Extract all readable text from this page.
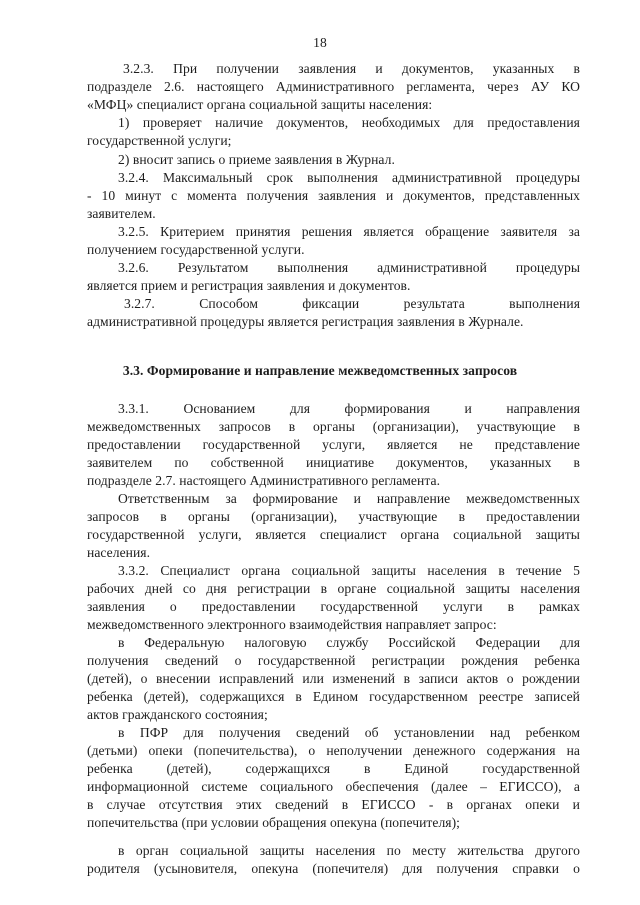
18
3.2.3. При получении заявления и документов, указанных в
подразделе 2.6. настоящего Административного регламента, через АУ КО
«МФЦ» специалист органа социальной защиты населения:
1) проверяет наличие документов, необходимых для предоставления
государственной услуги;
2) вносит запись о приеме заявления в Журнал.
3.2.4. Максимальный срок выполнения административной процедуры
- 10 минут с момента получения заявления и документов, представленных
заявителем.
3.2.5. Критерием принятия решения является обращение заявителя за
получением государственной услуги.
3.2.6. Результатом выполнения административной процедуры
является прием и регистрация заявления и документов.
3.2.7. Способом фиксации результата выполнения
административной процедуры является регистрация заявления в Журнале.
3.3. Формирование и направление межведомственных запросов
3.3.1. Основанием для формирования и направления
межведомственных запросов в органы (организации), участвующие в
предоставлении государственной услуги, является не представление
заявителем по собственной инициативе документов, указанных в
подразделе 2.7. настоящего Административного регламента.
Ответственным за формирование и направление межведомственных
запросов в органы (организации), участвующие в предоставлении
государственной услуги, является специалист органа социальной защиты
населения.
3.3.2. Специалист органа социальной защиты населения в течение 5
рабочих дней со дня регистрации в органе социальной защиты населения
заявления о предоставлении государственной услуги в рамках
межведомственного электронного взаимодействия направляет запрос:
в Федеральную налоговую службу Российской Федерации для
получения сведений о государственной регистрации рождения ребенка
(детей), о внесении исправлений или изменений в записи актов о рождении
ребенка (детей), содержащихся в Едином государственном реестре записей
актов гражданского состояния;
в ПФР для получения сведений об установлении над ребенком
(детьми) опеки (попечительства), о неполучении денежного содержания на
ребенка (детей), содержащихся в Единой государственной
информационной системе социального обеспечения (далее – ЕГИССО), а
в случае отсутствия этих сведений в ЕГИССО - в органах опеки и
попечительства (при условии обращения опекуна (попечителя);
в орган социальной защиты населения по месту жительства другого
родителя (усыновителя, опекуна (попечителя) для получения справки о
